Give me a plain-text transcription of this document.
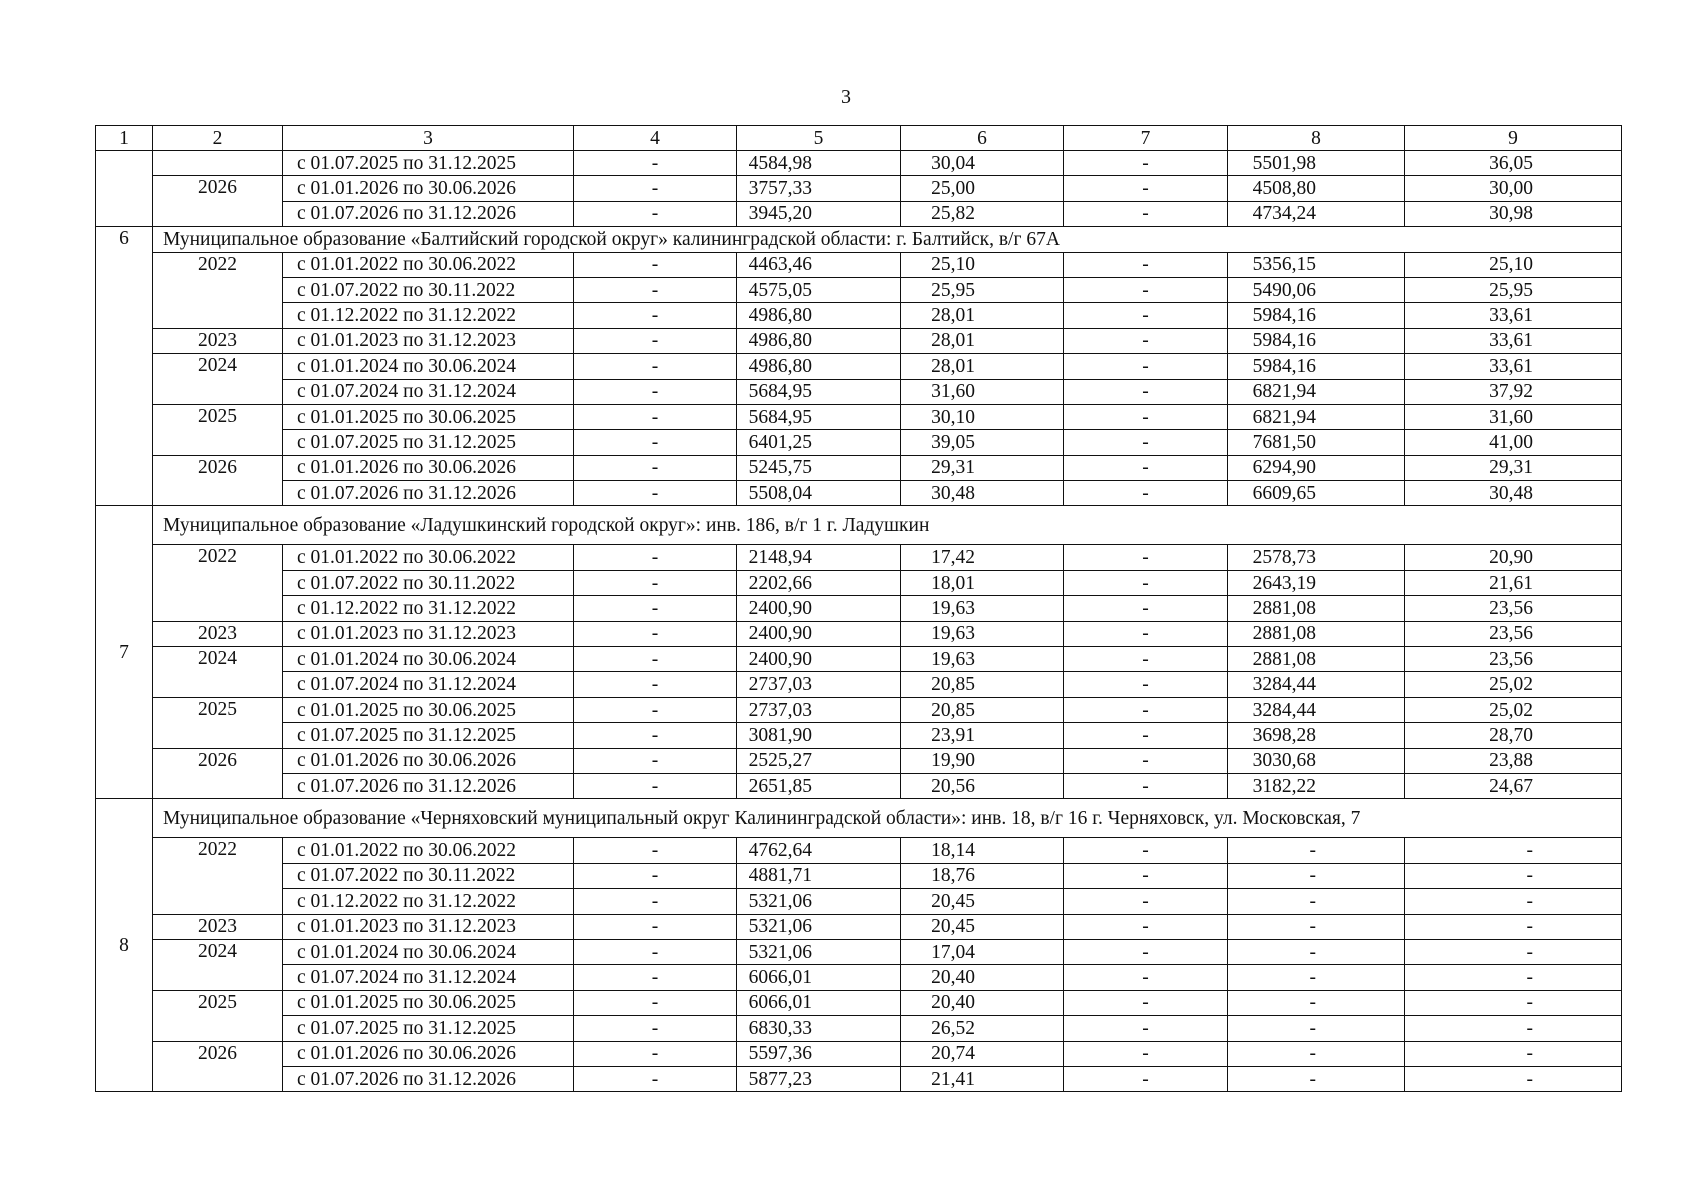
3
1	2	3	4	5	6	7	8	9
		с 01.07.2025 по 31.12.2025	-	4584,98	30,04	-	5501,98	36,05
	2026	с 01.01.2026 по 30.06.2026	-	3757,33	25,00	-	4508,80	30,00
		с 01.07.2026 по 31.12.2026	-	3945,20	25,82	-	4734,24	30,98
6	Муниципальное образование «Балтийский городской округ» калининградской области: г. Балтийск, в/г 67А							
	2022	с 01.01.2022 по 30.06.2022	-	4463,46	25,10	-	5356,15	25,10
		с 01.07.2022 по 30.11.2022	-	4575,05	25,95	-	5490,06	25,95
		с 01.12.2022 по 31.12.2022	-	4986,80	28,01	-	5984,16	33,61
	2023	с 01.01.2023 по 31.12.2023	-	4986,80	28,01	-	5984,16	33,61
	2024	с 01.01.2024 по 30.06.2024	-	4986,80	28,01	-	5984,16	33,61
		с 01.07.2024 по 31.12.2024	-	5684,95	31,60	-	6821,94	37,92
	2025	с 01.01.2025 по 30.06.2025	-	5684,95	30,10	-	6821,94	31,60
		с 01.07.2025 по 31.12.2025	-	6401,25	39,05	-	7681,50	41,00
	2026	с 01.01.2026 по 30.06.2026	-	5245,75	29,31	-	6294,90	29,31
		с 01.07.2026 по 31.12.2026	-	5508,04	30,48	-	6609,65	30,48
7	Муниципальное образование «Ладушкинский городской округ»: инв. 186, в/г 1 г. Ладушкин							
	2022	с 01.01.2022 по 30.06.2022	-	2148,94	17,42	-	2578,73	20,90
		с 01.07.2022 по 30.11.2022	-	2202,66	18,01	-	2643,19	21,61
		с 01.12.2022 по 31.12.2022	-	2400,90	19,63	-	2881,08	23,56
	2023	с 01.01.2023 по 31.12.2023	-	2400,90	19,63	-	2881,08	23,56
	2024	с 01.01.2024 по 30.06.2024	-	2400,90	19,63	-	2881,08	23,56
		с 01.07.2024 по 31.12.2024	-	2737,03	20,85	-	3284,44	25,02
	2025	с 01.01.2025 по 30.06.2025	-	2737,03	20,85	-	3284,44	25,02
		с 01.07.2025 по 31.12.2025	-	3081,90	23,91	-	3698,28	28,70
	2026	с 01.01.2026 по 30.06.2026	-	2525,27	19,90	-	3030,68	23,88
		с 01.07.2026 по 31.12.2026	-	2651,85	20,56	-	3182,22	24,67
8	Муниципальное образование «Черняховский муниципальный округ Калининградской области»: инв. 18, в/г 16 г. Черняховск, ул. Московская, 7							
	2022	с 01.01.2022 по 30.06.2022	-	4762,64	18,14	-	-	-
		с 01.07.2022 по 30.11.2022	-	4881,71	18,76	-	-	-
		с 01.12.2022 по 31.12.2022	-	5321,06	20,45	-	-	-
	2023	с 01.01.2023 по 31.12.2023	-	5321,06	20,45	-	-	-
	2024	с 01.01.2024 по 30.06.2024	-	5321,06	17,04	-	-	-
		с 01.07.2024 по 31.12.2024	-	6066,01	20,40	-	-	-
	2025	с 01.01.2025 по 30.06.2025	-	6066,01	20,40	-	-	-
		с 01.07.2025 по 31.12.2025	-	6830,33	26,52	-	-	-
	2026	с 01.01.2026 по 30.06.2026	-	5597,36	20,74	-	-	-
		с 01.07.2026 по 31.12.2026	-	5877,23	21,41	-	-	-
